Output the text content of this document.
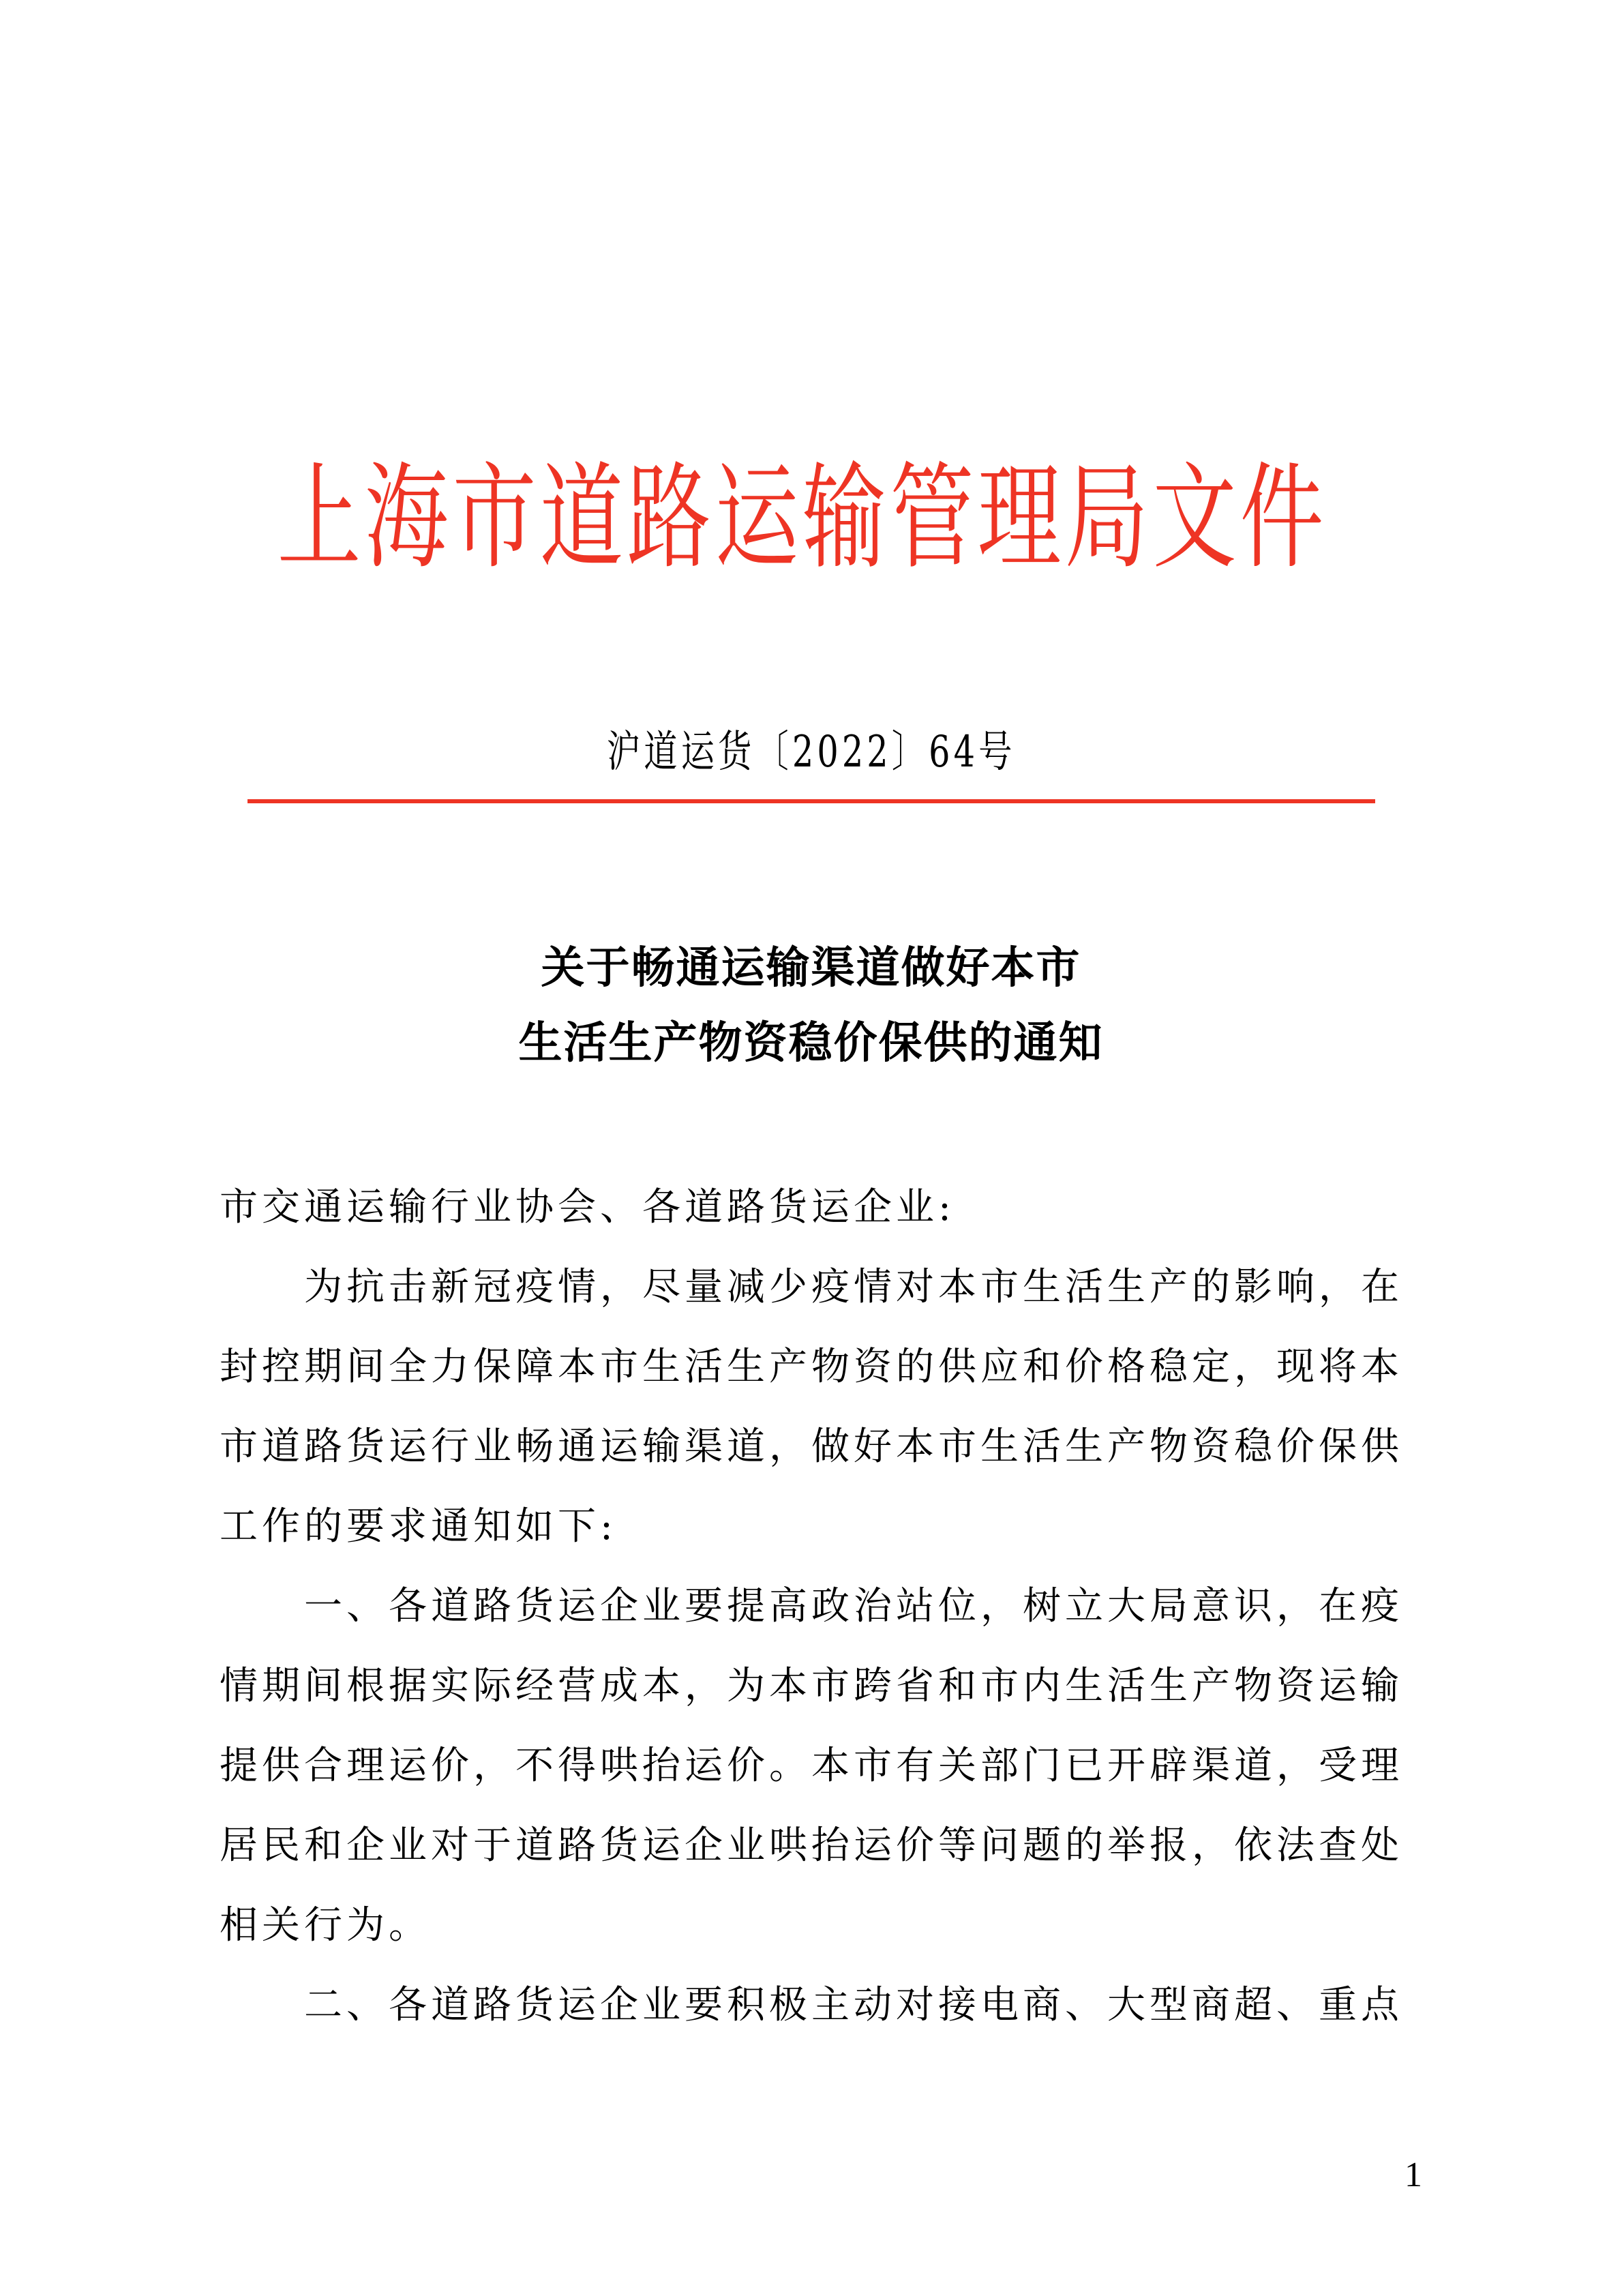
上 海 市 道 路 运 输 管 理 局 文 件
沪道运货〔2022〕64号
关于畅通运输渠道做好本市
生活生产物资稳价保供的通知
市交通运输行业协会、各道路货运企业:
为抗击新冠疫情，尽量减少疫情对本市生活生产的影响，在
封控期间全力保障本市生活生产物资的供应和价格稳定，现将本
市道路货运行业畅通运输渠道，做好本市生活生产物资稳价保供
工作的要求通知如下:
一、各道路货运企业要提高政治站位，树立大局意识，在疫
情期间根据实际经营成本，为本市跨省和市内生活生产物资运输
提供合理运价，不得哄抬运价。本市有关部门已开辟渠道，受理
居民和企业对于道路货运企业哄抬运价等问题的举报，依法查处
相关行为。
二、各道路货运企业要积极主动对接电商、大型商超、重点
1
